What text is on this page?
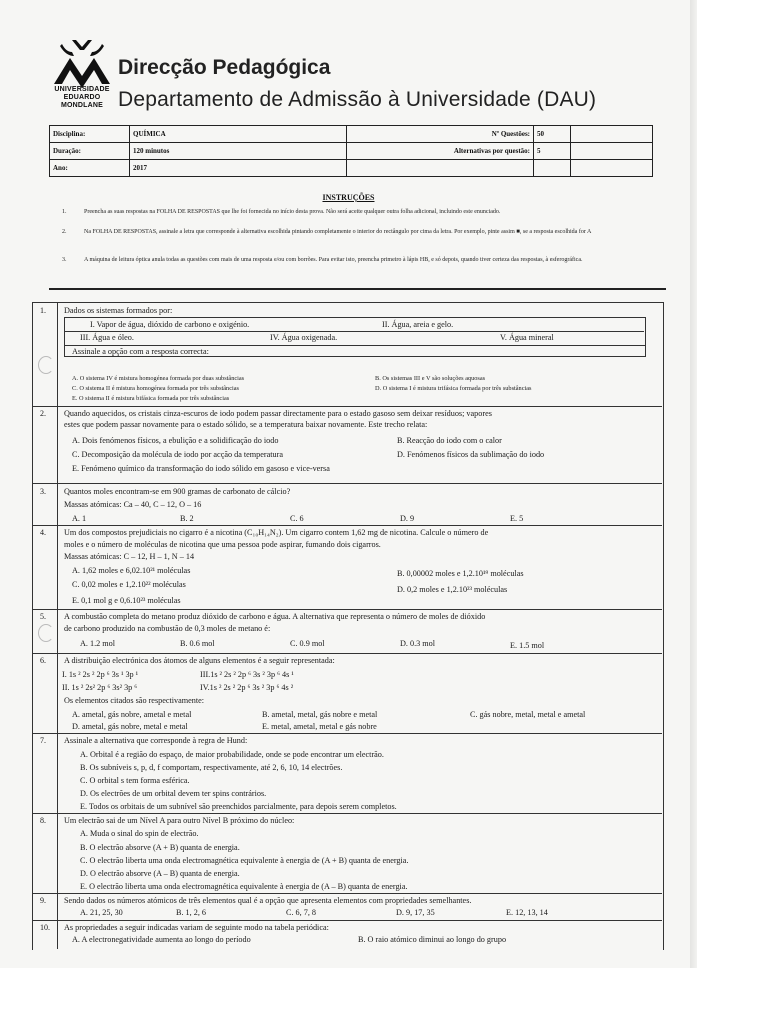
UNIVERSIDADE
EDUARDO
MONDLANE
Direcção Pedagógica
Departamento de Admissão à Universidade (DAU)
Disciplina:	QUÍMICA	Nº Questões:	50	
Duração:	120 minutos	Alternativas por questão:	5	
Ano:	2017			
INSTRUÇÕES
1.	Preencha as suas respostas na FOLHA DE RESPOSTAS que lhe foi fornecida no início desta prova. Não será aceite qualquer outra folha adicional, incluindo este enunciado.
2.	Na FOLHA DE RESPOSTAS, assinale a letra que corresponde à alternativa escolhida pintando completamente o interior do rectângulo por cima da letra. Por exemplo, pinte assim ■, se a resposta escolhida for A
3.	A máquina de leitura óptica anula todas as questões com mais de uma resposta e/ou com borrões. Para evitar isto, preencha primeiro à lápis HB, e só depois, quando tiver certeza das respostas, à esferográfica.
1. Dados os sistemas formados por:
I. Vapor de água, dióxido de carbono e oxigénio.	II. Água, areia e gelo.
III. Água e óleo.	IV. Água oxigenada.	V. Água mineral
Assinale a opção com a resposta correcta:
A. O sistema IV é mistura homogénea formada por duas substâncias	B. Os sistemas III e V são soluções aquosas
C. O sistema II é mistura homogénea formada por três substâncias	D. O sistema I é mistura trifásica formada por três substâncias
E. O sistema II é mistura bifásica formada por três substâncias
2. Quando aquecidos, os cristais cinza-escuros de iodo podem passar directamente para o estado gasoso sem deixar resíduos; vapores
estes que podem passar novamente para o estado sólido, se a temperatura baixar novamente. Este trecho relata:
A. Dois fenómenos físicos, a ebulição e a solidificação do iodo	B. Reacção do iodo com o calor
C. Decomposição da molécula de iodo por acção da temperatura	D. Fenómenos físicos da sublimação do iodo
E. Fenómeno químico da transformação do iodo sólido em gasoso e vice-versa
3. Quantos moles encontram-se em 900 gramas de carbonato de cálcio?
Massas atómicas: Ca – 40, C – 12, O – 16
A. 1	B. 2	C. 6	D. 9	E. 5
4. Um dos compostos prejudiciais no cigarro é a nicotina (C₁₀H₁₄N₂). Um cigarro contem 1,62 mg de nicotina. Calcule o número de
moles e o número de moléculas de nicotina que uma pessoa pode aspirar, fumando dois cigarros.
Massas atómicas: C – 12, H – 1, N – 14
A. 1,62 moles e 6,02.10²¹ moléculas	B. 0,00002 moles e 1,2.10¹⁹ moléculas
C. 0,02 moles e 1,2.10²² moléculas
D. 0,2 moles e 1,2.10²³ moléculas
E. 0,1 mol g e 0,6.10²³ moléculas
5. A combustão completa do metano produz dióxido de carbono e água. A alternativa que representa o número de moles de dióxido
de carbono produzido na combustão de 0,3 moles de metano é:
A. 1.2 mol	B. 0.6 mol	C. 0.9 mol	D. 0.3 mol	E. 1.5 mol
6. A distribuição electrónica dos átomos de alguns elementos é a seguir representada:
I. 1s ² 2s ² 2p ⁶ 3s ¹ 3p ¹	III.1s ² 2s ² 2p ⁶ 3s ² 3p ⁶ 4s ¹
II. 1s ² 2s² 2p ⁶ 3s² 3p ⁶	IV.1s ² 2s ² 2p ⁶ 3s ² 3p ⁶ 4s ²
Os elementos citados são respectivamente:
A. ametal, gás nobre, ametal e metal	B. ametal, metal, gás nobre e metal	C. gás nobre, metal, metal e ametal
D. ametal, gás nobre, metal e metal	E. metal, ametal, metal e gás nobre
7. Assinale a alternativa que corresponde à regra de Hund:
A. Orbital é a região do espaço, de maior probabilidade, onde se pode encontrar um electrão.
B. Os subníveis s, p, d, f comportam, respectivamente, até 2, 6, 10, 14 electrões.
C. O orbital s tem forma esférica.
D. Os electrões de um orbital devem ter spins contrários.
E. Todos os orbitais de um subnível são preenchidos parcialmente, para depois serem completos.
8. Um electrão sai de um Nível A para outro Nível B próximo do núcleo:
A. Muda o sinal do spin de electrão.
B. O electrão absorve (A + B) quanta de energia.
C. O electrão liberta uma onda electromagnética equivalente à energia de (A + B) quanta de energia.
D. O electrão absorve (A – B) quanta de energia.
E. O electrão liberta uma onda electromagnética equivalente à energia de (A – B) quanta de energia.
9. Sendo dados os números atómicos de três elementos qual é a opção que apresenta elementos com propriedades semelhantes.
A. 21, 25, 30	B. 1, 2, 6	C. 6, 7, 8	D. 9, 17, 35	E. 12, 13, 14
10. As propriedades a seguir indicadas variam de seguinte modo na tabela periódica:
A. A electronegatividade aumenta ao longo do período	B. O raio atómico diminui ao longo do grupo
